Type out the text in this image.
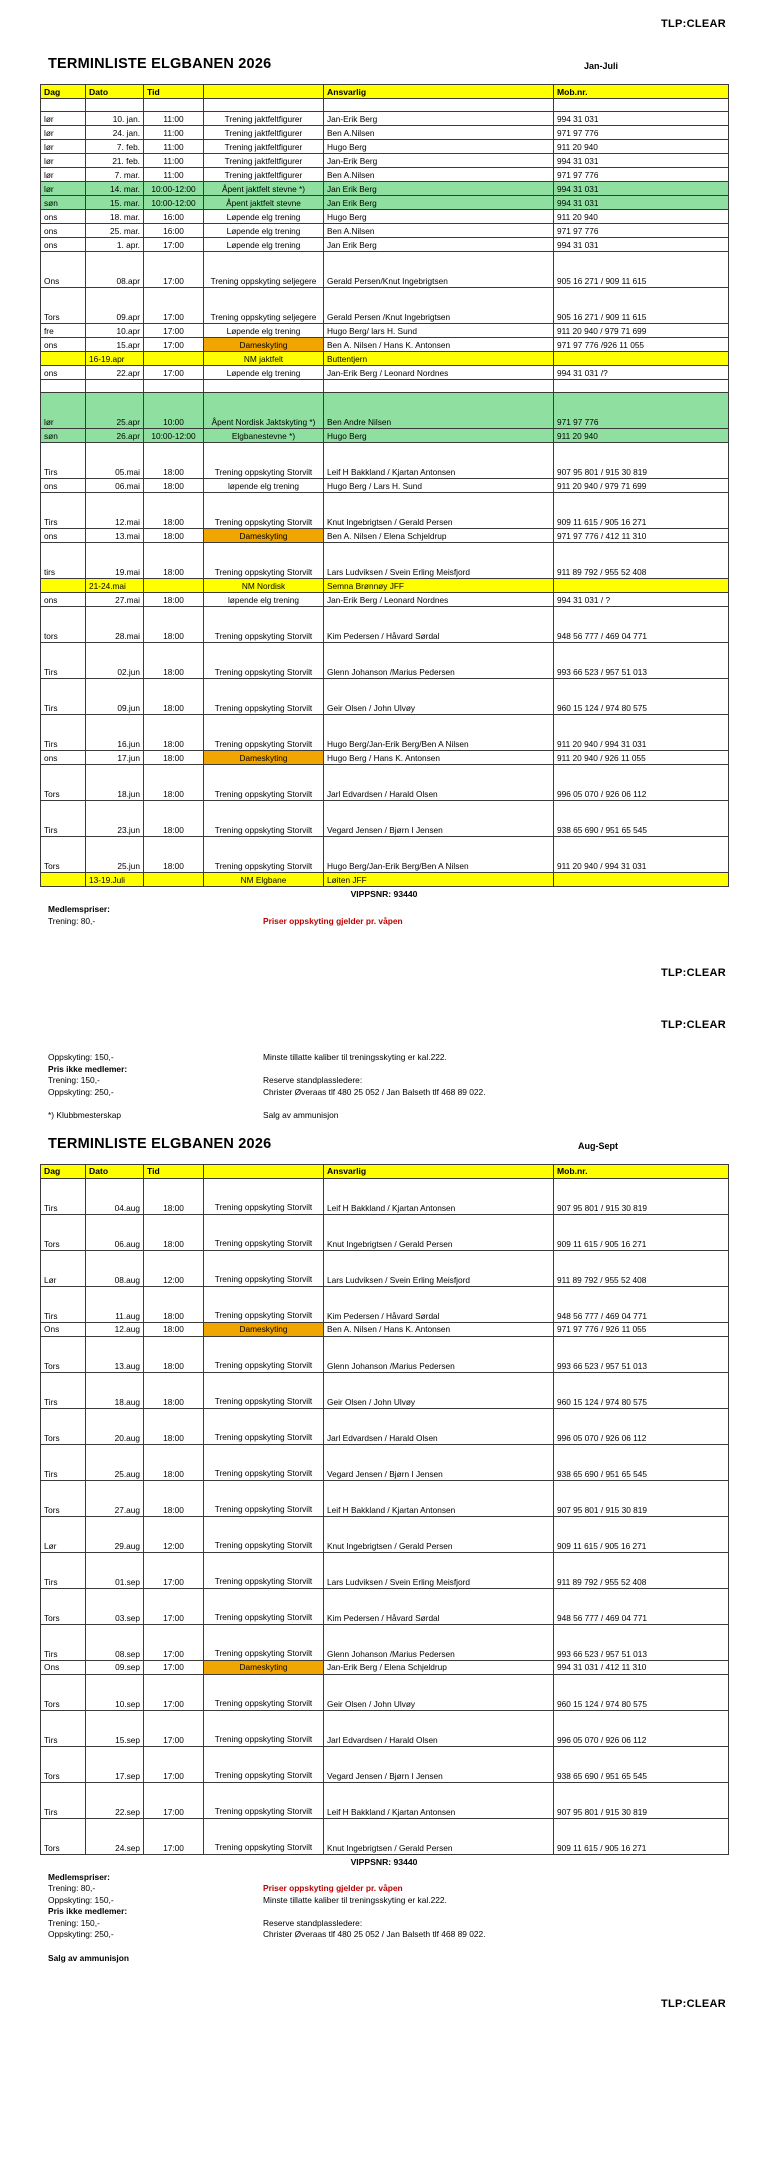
TLP:CLEAR
TERMINLISTE ELGBANEN 2026	Jan-Juli
Dag	Dato	Tid		Ansvarlig	Mob.nr.

lør	10. jan.	11:00	Trening jaktfeltfigurer	Jan-Erik Berg	994 31 031
lør	24. jan.	11:00	Trening jaktfeltfigurer	Ben A.Nilsen	971 97 776
lør	7. feb.	11:00	Trening jaktfeltfigurer	Hugo Berg	911 20 940
lør	21. feb.	11:00	Trening jaktfeltfigurer	Jan-Erik Berg	994 31 031
lør	7. mar.	11:00	Trening jaktfeltfigurer	Ben A.Nilsen	971 97 776
lør	14. mar.	10:00-12:00	Åpent jaktfelt stevne *)	Jan Erik Berg	994 31 031
søn	15. mar.	10:00-12:00	Åpent jaktfelt stevne	Jan Erik Berg	994 31 031
ons	18. mar.	16:00	Løpende elg trening	Hugo Berg	911 20 940
ons	25. mar.	16:00	Løpende elg trening	Ben A.Nilsen	971 97 776
ons	1. apr.	17:00	Løpende elg trening	Jan Erik Berg	994 31 031
Ons	08.apr	17:00	Trening oppskyting seljegere	Gerald Persen/Knut Ingebrigtsen	905 16 271 / 909 11 615
Tors	09.apr	17:00	Trening oppskyting seljegere	Gerald Persen /Knut Ingebrigtsen	905 16 271 / 909 11 615
fre	10.apr	17:00	Løpende elg trening	Hugo Berg/ lars H. Sund	911 20 940 / 979 71 699
ons	15.apr	17:00	Dameskyting	Ben A. Nilsen / Hans K. Antonsen	971 97 776 /926 11 055
	16-19.apr		NM jaktfelt	Buttentjern	
ons	22.apr	17:00	Løpende elg trening	Jan-Erik Berg / Leonard Nordnes	994 31 031 /?

lør	25.apr	10:00	Åpent Nordisk Jaktskyting *)	Ben Andre Nilsen	971 97 776
søn	26.apr	10:00-12:00	Elgbanestevne *)	Hugo Berg	911 20 940
Tirs	05.mai	18:00	Trening oppskyting Storvilt	Leif H Bakkland / Kjartan Antonsen	907 95 801 / 915 30 819
ons	06.mai	18:00	løpende elg trening	Hugo Berg / Lars H. Sund	911 20 940 / 979 71 699
Tirs	12.mai	18:00	Trening oppskyting Storvilt	Knut Ingebrigtsen / Gerald Persen	909 11 615 / 905 16 271
ons	13.mai	18:00	Dameskyting	Ben A. Nilsen / Elena Schjeldrup	971 97 776 / 412 11 310
tirs	19.mai	18:00	Trening oppskyting Storvilt	Lars Ludviksen / Svein Erling Meisfjord	911 89 792 / 955 52 408
	21-24.mai		NM Nordisk	Semna Brønnøy JFF	
ons	27.mai	18:00	løpende elg trening	Jan-Erik Berg / Leonard Nordnes	994 31 031 / ?
tors	28.mai	18:00	Trening oppskyting Storvilt	Kim Pedersen / Håvard Sørdal	948 56 777 / 469 04 771
Tirs	02.jun	18:00	Trening oppskyting Storvilt	Glenn Johanson /Marius Pedersen	993 66 523 / 957 51 013
Tirs	09.jun	18:00	Trening oppskyting Storvilt	Geir Olsen / John Ulvøy	960 15 124 / 974 80 575
Tirs	16.jun	18:00	Trening oppskyting Storvilt	Hugo Berg/Jan-Erik Berg/Ben A Nilsen	911 20 940 / 994 31 031
ons	17.jun	18:00	Dameskyting	Hugo Berg / Hans K. Antonsen	911 20 940 / 926 11 055
Tors	18.jun	18:00	Trening oppskyting Storvilt	Jarl Edvardsen / Harald Olsen	996 05 070 / 926 06 112
Tirs	23.jun	18:00	Trening oppskyting Storvilt	Vegard Jensen / Bjørn I Jensen	938 65 690 / 951 65 545
Tors	25.jun	18:00	Trening oppskyting Storvilt	Hugo Berg/Jan-Erik Berg/Ben A Nilsen	911 20 940 / 994 31 031
	13-19.Juli		NM Elgbane	Løiten JFF	
VIPPSNR: 93440
Medlemspriser:
Trening: 80,-	Priser oppskyting gjelder pr. våpen
TLP:CLEAR
TLP:CLEAR
Oppskyting: 150,-	Minste tillatte kaliber til treningsskyting er kal.222.
Pris ikke medlemer:
Trening: 150,-	Reserve standplassledere:
Oppskyting: 250,-	Christer Øveraas tlf 480 25 052 / Jan Balseth tlf 468 89 022.
*) Klubbmesterskap	Salg av ammunisjon
TERMINLISTE ELGBANEN 2026	Aug-Sept
Dag	Dato	Tid		Ansvarlig	Mob.nr.
Tirs	04.aug	18:00	Trening oppskyting Storvilt	Leif H Bakkland / Kjartan Antonsen	907 95 801 / 915 30 819
Tors	06.aug	18:00	Trening oppskyting Storvilt	Knut Ingebrigtsen / Gerald Persen	909 11 615 / 905 16 271
Lør	08.aug	12:00	Trening oppskyting Storvilt	Lars Ludviksen / Svein Erling Meisfjord	911 89 792 / 955 52 408
Tirs	11.aug	18:00	Trening oppskyting Storvilt	Kim Pedersen / Håvard Sørdal	948 56 777 / 469 04 771
Ons	12.aug	18:00	Dameskyting	Ben A. Nilsen / Hans K. Antonsen	971 97 776 / 926 11 055
Tors	13.aug	18:00	Trening oppskyting Storvilt	Glenn Johanson /Marius Pedersen	993 66 523 / 957 51 013
Tirs	18.aug	18:00	Trening oppskyting Storvilt	Geir Olsen / John Ulvøy	960 15 124 / 974 80 575
Tors	20.aug	18:00	Trening oppskyting Storvilt	Jarl Edvardsen / Harald Olsen	996 05 070 / 926 06 112
Tirs	25.aug	18:00	Trening oppskyting Storvilt	Vegard Jensen / Bjørn I Jensen	938 65 690 / 951 65 545
Tors	27.aug	18:00	Trening oppskyting Storvilt	Leif H Bakkland / Kjartan Antonsen	907 95 801 / 915 30 819
Lør	29.aug	12:00	Trening oppskyting Storvilt	Knut Ingebrigtsen / Gerald Persen	909 11 615 / 905 16 271
Tirs	01.sep	17:00	Trening oppskyting Storvilt	Lars Ludviksen / Svein Erling Meisfjord	911 89 792 / 955 52 408
Tors	03.sep	17:00	Trening oppskyting Storvilt	Kim Pedersen / Håvard Sørdal	948 56 777 / 469 04 771
Tirs	08.sep	17:00	Trening oppskyting Storvilt	Glenn Johanson /Marius Pedersen	993 66 523 / 957 51 013
Ons	09.sep	17:00	Dameskyting	Jan-Erik Berg / Elena Schjeldrup	994 31 031 / 412 11 310
Tors	10.sep	17:00	Trening oppskyting Storvilt	Geir Olsen / John Ulvøy	960 15 124 / 974 80 575
Tirs	15.sep	17:00	Trening oppskyting Storvilt	Jarl Edvardsen / Harald Olsen	996 05 070 / 926 06 112
Tors	17.sep	17:00	Trening oppskyting Storvilt	Vegard Jensen / Bjørn I Jensen	938 65 690 / 951 65 545
Tirs	22.sep	17:00	Trening oppskyting Storvilt	Leif H Bakkland / Kjartan Antonsen	907 95 801 / 915 30 819
Tors	24.sep	17:00	Trening oppskyting Storvilt	Knut Ingebrigtsen / Gerald Persen	909 11 615 / 905 16 271
VIPPSNR: 93440
Medlemspriser:
Trening: 80,-	Priser oppskyting gjelder pr. våpen
Oppskyting: 150,-	Minste tillatte kaliber til treningsskyting er kal.222.
Pris ikke medlemer:
Trening: 150,-	Reserve standplassledere:
Oppskyting: 250,-	Christer Øveraas tlf 480 25 052 / Jan Balseth tlf 468 89 022.
Salg av ammunisjon
TLP:CLEAR
